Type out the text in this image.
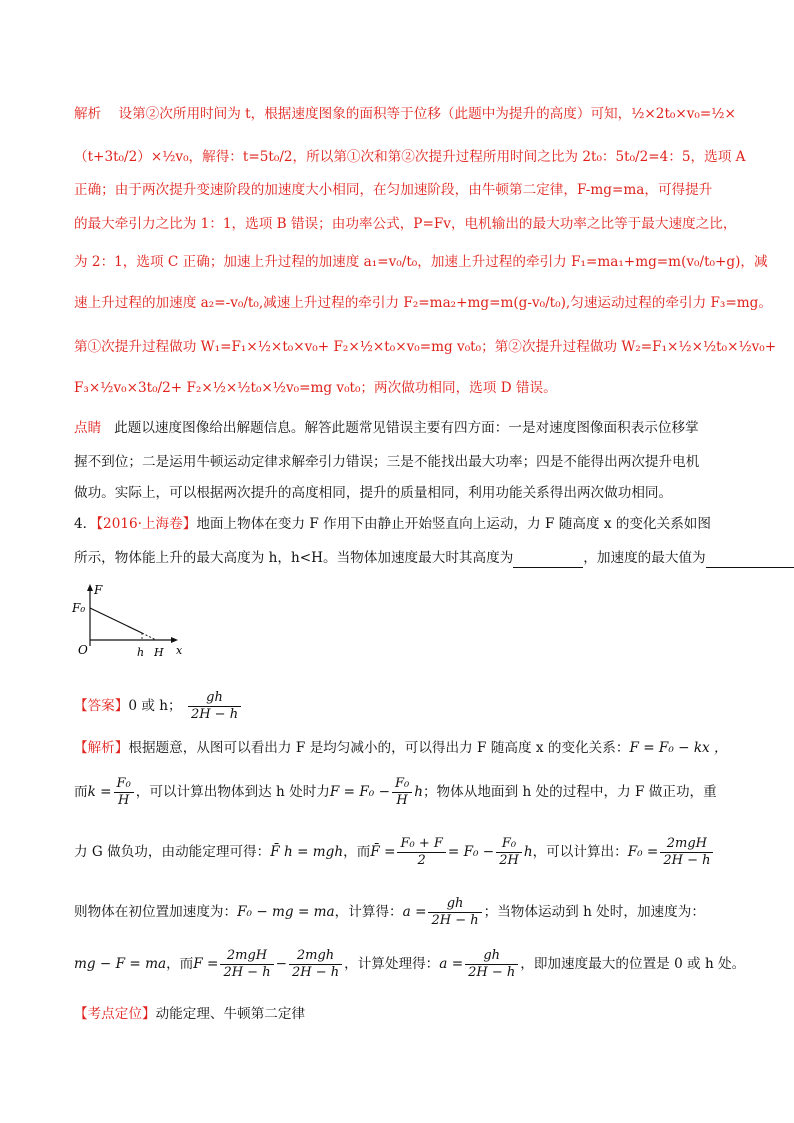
解析 设第②次所用时间为 t，根据速度图象的面积等于位移（此题中为提升的高度）可知，½×2t₀×v₀=½×
（t+3t₀/2）×½v₀，解得：t=5t₀/2，所以第①次和第②次提升过程所用时间之比为 2t₀：5t₀/2=4：5，选项 A
正确；由于两次提升变速阶段的加速度大小相同，在匀加速阶段，由牛顿第二定律，F-mg=ma，可得提升
的最大牵引力之比为 1：1，选项 B 错误；由功率公式，P=Fv，电机输出的最大功率之比等于最大速度之比，
为 2：1，选项 C 正确；加速上升过程的加速度 a₁=v₀/t₀，加速上升过程的牵引力 F₁=ma₁+mg=m(v₀/t₀+g)，减
速上升过程的加速度 a₂=-v₀/t₀,减速上升过程的牵引力 F₂=ma₂+mg=m(g-v₀/t₀),匀速运动过程的牵引力 F₃=mg。
第①次提升过程做功 W₁=F₁×½×t₀×v₀+ F₂×½×t₀×v₀=mg v₀t₀；第②次提升过程做功 W₂=F₁×½×½t₀×½v₀+
F₃×½v₀×3t₀/2+ F₂×½×½t₀×½v₀=mg v₀t₀；两次做功相同，选项 D 错误。
点睛 此题以速度图像给出解题信息。解答此题常见错误主要有四方面：一是对速度图像面积表示位移掌
握不到位；二是运用牛顿运动定律求解牵引力错误；三是不能找出最大功率；四是不能得出两次提升电机
做功。实际上，可以根据两次提升的高度相同，提升的质量相同，利用功能关系得出两次做功相同。
4．【2016·上海卷】地面上物体在变力 F 作用下由静止开始竖直向上运动，力 F 随高度 x 的变化关系如图
所示，物体能上升的最大高度为 h，h<H。当物体加速度最大时其高度为	，加速度的最大值为
F
F₀
O	h H x
【答案】0 或 h； $\frac{gh}{2H - h}$
【解析】根据题意，从图可以看出力 F 是均匀减小的，可以得出力 F 随高度 x 的变化关系：F = F₀ − kx ，
而$k = \frac{\text{F₀}}{H}$ ，可以计算出物体到达 h 处时力$F = F_0 - \frac{\text{F₀}}{H}$ h；物体从地面到 h 处的过程中，力 F 做正功，重
力 G 做负功，由动能定理可得：F̄ h = mgh，而F̄ = $\frac{\text{F₀ + F}}{2} = F_0 - \frac{\text{F₀}}{2H}$ h，可以计算出：$F_0 = \frac{\text{2mgH}}{2H - h}$
则物体在初位置加速度为：F₀ − mg = ma，计算得：$a = \frac{gh}{2H - h}$ ；当物体运动到 h 处时，加速度为：
mg − F = ma，而$F = \frac{\text{2mgH}}{2H - h} - \frac{\text{2mgh}}{2H - h}$ ，计算处理得：$a = \frac{gh}{2H - h}$ ，即加速度最大的位置是 0 或 h 处。
【考点定位】动能定理、牛顿第二定律
